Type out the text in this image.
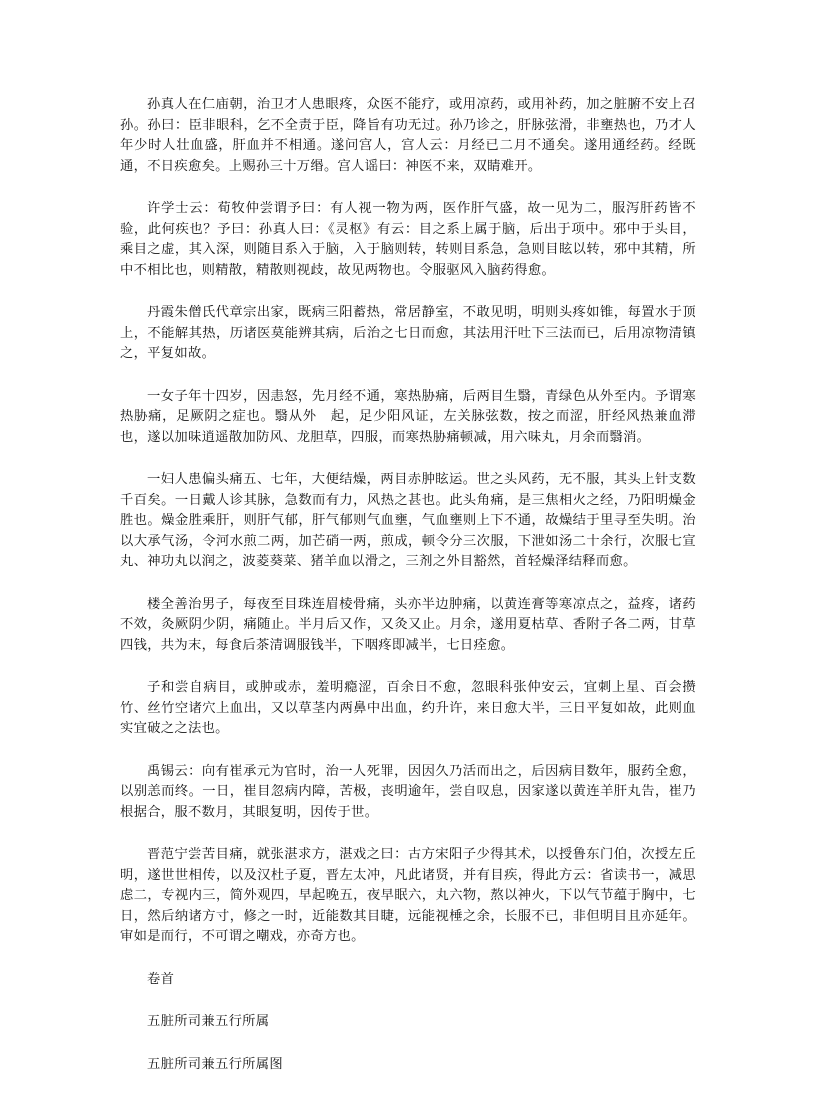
孙真人在仁庙朝，治卫才人患眼疼，众医不能疗，或用凉药，或用补药，加之脏腑不安上召孙。孙曰：臣非眼科，乞不全责于臣，降旨有功无过。孙乃诊之，肝脉弦滑，非壅热也，乃才人年少时人壮血盛，肝血并不相通。遂问宫人，宫人云：月经已二月不通矣。遂用通经药。经既通，不日疾愈矣。上赐孙三十万缗。宫人谣曰：神医不来，双睛难开。

许学士云：荀牧仲尝谓予曰：有人视一物为两，医作肝气盛，故一见为二，服泻肝药皆不验，此何疾也？予曰：孙真人曰：《灵枢》有云：目之系上属于脑，后出于项中。邪中于头目，乘目之虚，其入深，则随目系入于脑，入于脑则转，转则目系急，急则目眩以转，邪中其精，所中不相比也，则精散，精散则视歧，故见两物也。令服驱风入脑药得愈。

丹霞朱僧氏代章宗出家，既病三阳蓄热，常居静室，不敢见明，明则头疼如锥，每置水于顶上，不能解其热，历诸医莫能辨其病，后治之七日而愈，其法用汗吐下三法而已，后用凉物清镇之，平复如故。

一女子年十四岁，因恚怒，先月经不通，寒热胁痛，后两目生翳，青绿色从外至内。予谓寒热胁痛，足厥阴之症也。翳从外　起，足少阳风证，左关脉弦数，按之而涩，肝经风热兼血滞也，遂以加味逍遥散加防风、龙胆草，四服，而寒热胁痛顿减，用六味丸，月余而翳消。

一妇人患偏头痛五、七年，大便结燥，两目赤肿眩运。世之头风药，无不服，其头上针支数千百矣。一日戴人诊其脉，急数而有力，风热之甚也。此头角痛，是三焦相火之经，乃阳明燥金胜也。燥金胜乘肝，则肝气郁，肝气郁则气血壅，气血壅则上下不通，故燥结于里寻至失明。治以大承气汤，令河水煎二两，加芒硝一两，煎成，顿令分三次服，下泄如汤二十余行，次服七宣丸、神功丸以润之，波菱葵菜、猪羊血以滑之，三剂之外目豁然，首轻燥泽结释而愈。

楼全善治男子，每夜至目珠连眉棱骨痛，头亦半边肿痛，以黄连膏等寒凉点之，益疼，诸药不效，灸厥阴少阴，痛随止。半月后又作，又灸又止。月余，遂用夏枯草、香附子各二两，甘草四钱，共为末，每食后茶清调服钱半，下咽疼即减半，七日痊愈。

子和尝自病目，或肿或赤，羞明瘾涩，百余日不愈，忽眼科张仲安云，宜刺上星、百会攒竹、丝竹空诸穴上血出，又以草茎内两鼻中出血，约升许，来日愈大半，三日平复如故，此则血实宜破之之法也。

禹锡云：向有崔承元为官时，治一人死罪，因因久乃活而出之，后因病目数年，服药全愈，以别恙而终。一日，崔目忽病内障，苦极，丧明逾年，尝自叹息，因家遂以黄连羊肝丸告，崔乃根据合，服不数月，其眼复明，因传于世。

晋范宁尝苦目痛，就张湛求方，湛戏之曰：古方宋阳子少得其术，以授鲁东门伯，次授左丘明，遂世世相传，以及汉杜子夏，晋左太冲，凡此诸贤，并有目疾，得此方云：省读书一，减思虑二，专视内三，简外观四，早起晚五，夜早眠六，丸六物，熬以神火，下以气节蕴于胸中，七日，然后纳诸方寸，修之一时，近能数其目睫，远能视棰之余，长服不已，非但明目且亦延年。审如是而行，不可谓之嘲戏，亦奇方也。

卷首

五脏所司兼五行所属

五脏所司兼五行所属图
